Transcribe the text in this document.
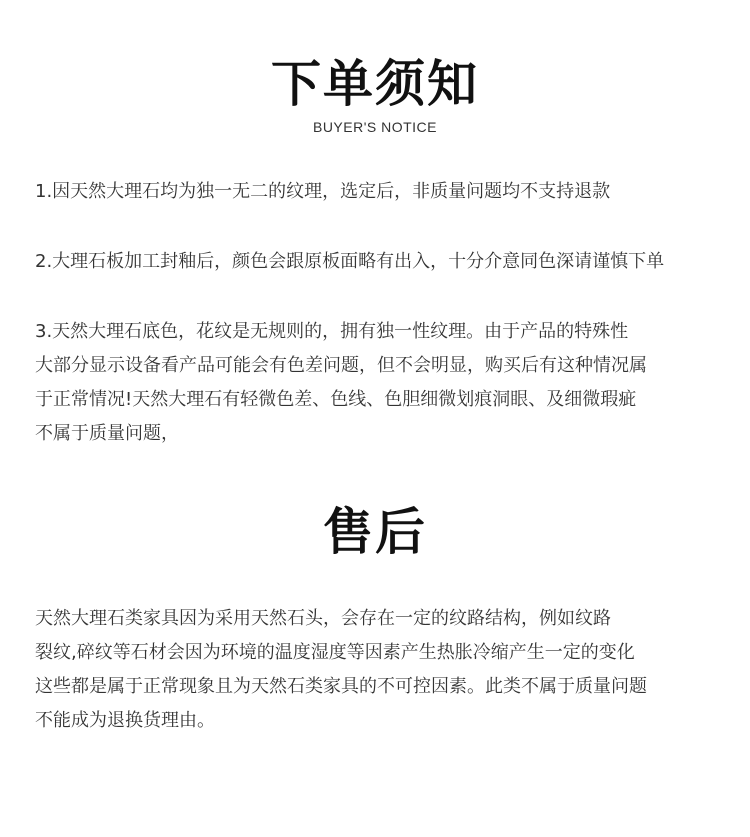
下单须知
BUYER'S NOTICE

1.因天然大理石均为独一无二的纹理，选定后，非质量问题均不支持退款

2.大理石板加工封釉后，颜色会跟原板面略有出入，十分介意同色深请谨慎下单

3.天然大理石底色，花纹是无规则的，拥有独一性纹理。由于产品的特殊性
大部分显示设备看产品可能会有色差问题，但不会明显，购买后有这种情况属
于正常情况!天然大理石有轻微色差、色线、色胆细微划痕洞眼、及细微瑕疵
不属于质量问题，

售后

天然大理石类家具因为采用天然石头，会存在一定的纹路结构，例如纹路
裂纹,碎纹等石材会因为环境的温度湿度等因素产生热胀冷缩产生一定的变化
这些都是属于正常现象且为天然石类家具的不可控因素。此类不属于质量问题
不能成为退换货理由。
